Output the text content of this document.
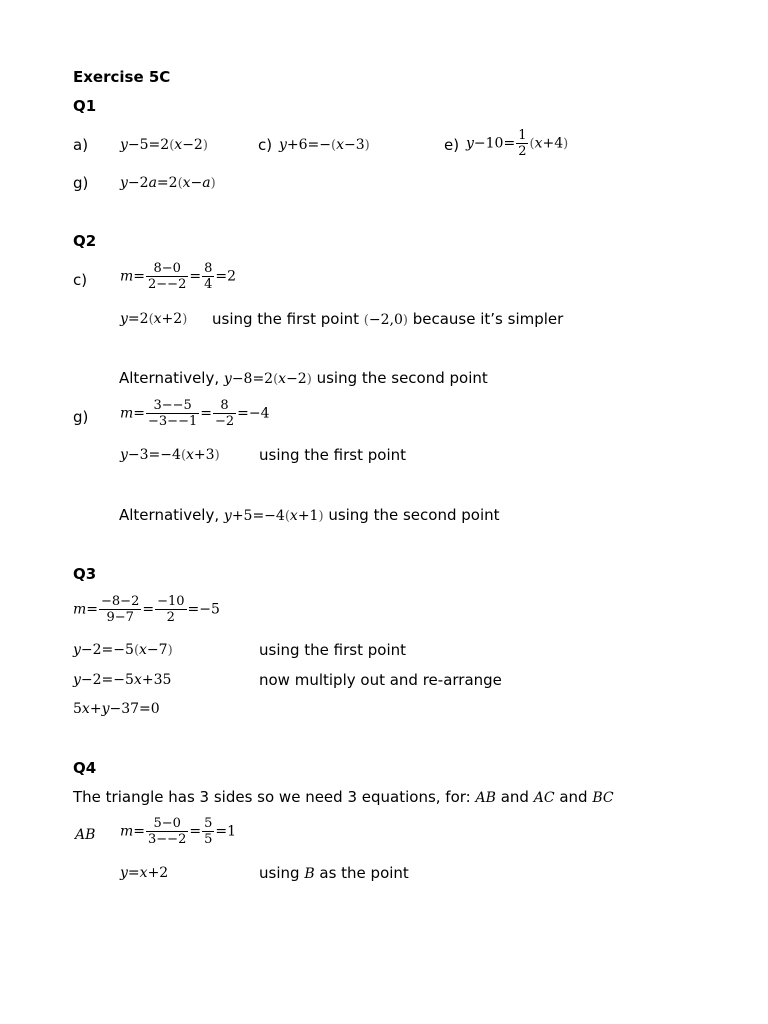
Exercise 5C
Q1
a) y−5=2(x−2)	c) y+6=−(x−3)	e) $y-10= \frac{1}{2} (x+4)$
g) y−2a=2(x−a)
Q2
c) $m= \frac{8-0}{2--2} = \frac{8}{4} =2$
y=2(x+2) using the first point (−2,0) because it’s simpler
Alternatively, y−8=2(x−2) using the second point
g) $m= \frac{3--5}{-3--1} = \frac{8}{-2} =-4$
y−3=−4(x+3)	using the first point
Alternatively, y+5=−4(x+1) using the second point
Q3
$m= \frac{-8-2}{9-7} = \frac{-10}{2} =-5$
y−2=−5(x−7)	using the first point
y−2=−5x+35	now multiply out and re-arrange
5x+y−37=0
Q4
The triangle has 3 sides so we need 3 equations, for: AB and AC and BC
AB $m= \frac{5-0}{3--2} = \frac{5}{5} =1$
y=x+2	using B as the point
